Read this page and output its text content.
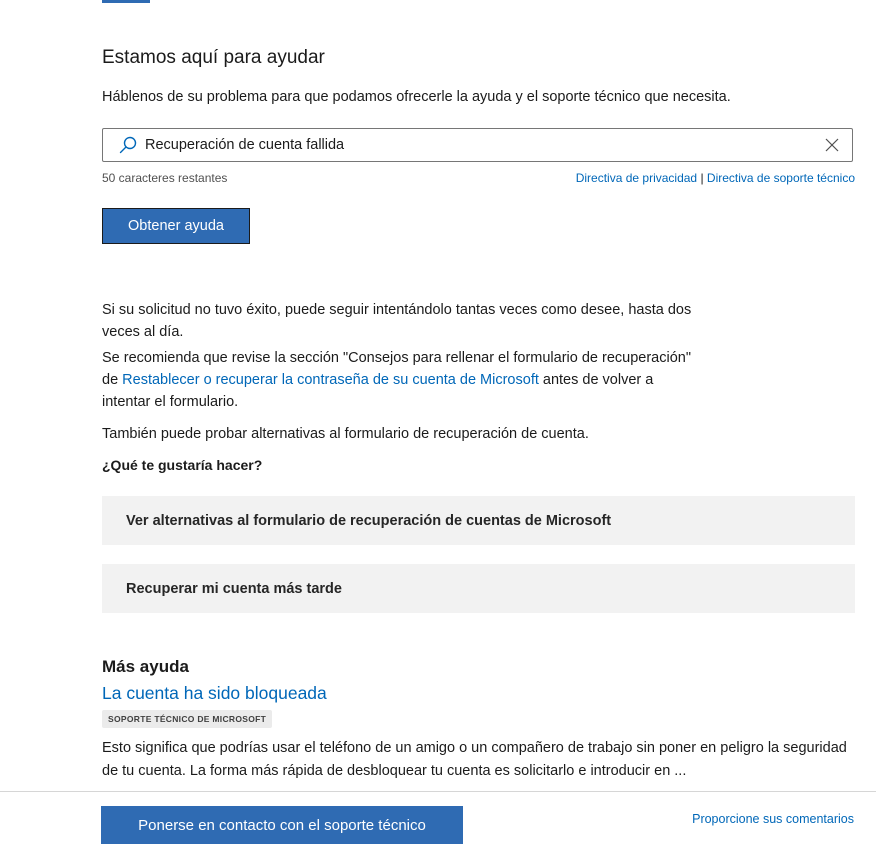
Estamos aquí para ayudar

Háblenos de su problema para que podamos ofrecerle la ayuda y el soporte técnico que necesita.

Recuperación de cuenta fallida
50 caracteres restantes	Directiva de privacidad | Directiva de soporte técnico
Obtener ayuda

Si su solicitud no tuvo éxito, puede seguir intentándolo tantas veces como desee, hasta dos veces al día.

Se recomienda que revise la sección "Consejos para rellenar el formulario de recuperación" de Restablecer o recuperar la contraseña de su cuenta de Microsoft antes de volver a intentar el formulario.

También puede probar alternativas al formulario de recuperación de cuenta.

¿Qué te gustaría hacer?

Ver alternativas al formulario de recuperación de cuentas de Microsoft
Recuperar mi cuenta más tarde
Más ayuda
La cuenta ha sido bloqueada
SOPORTE TÉCNICO DE MICROSOFT

Esto significa que podrías usar el teléfono de un amigo o un compañero de trabajo sin poner en peligro la seguridad de tu cuenta. La forma más rápida de desbloquear tu cuenta es solicitarlo e introducir en ...

Ponerse en contacto con el soporte técnico	Proporcione sus comentarios
